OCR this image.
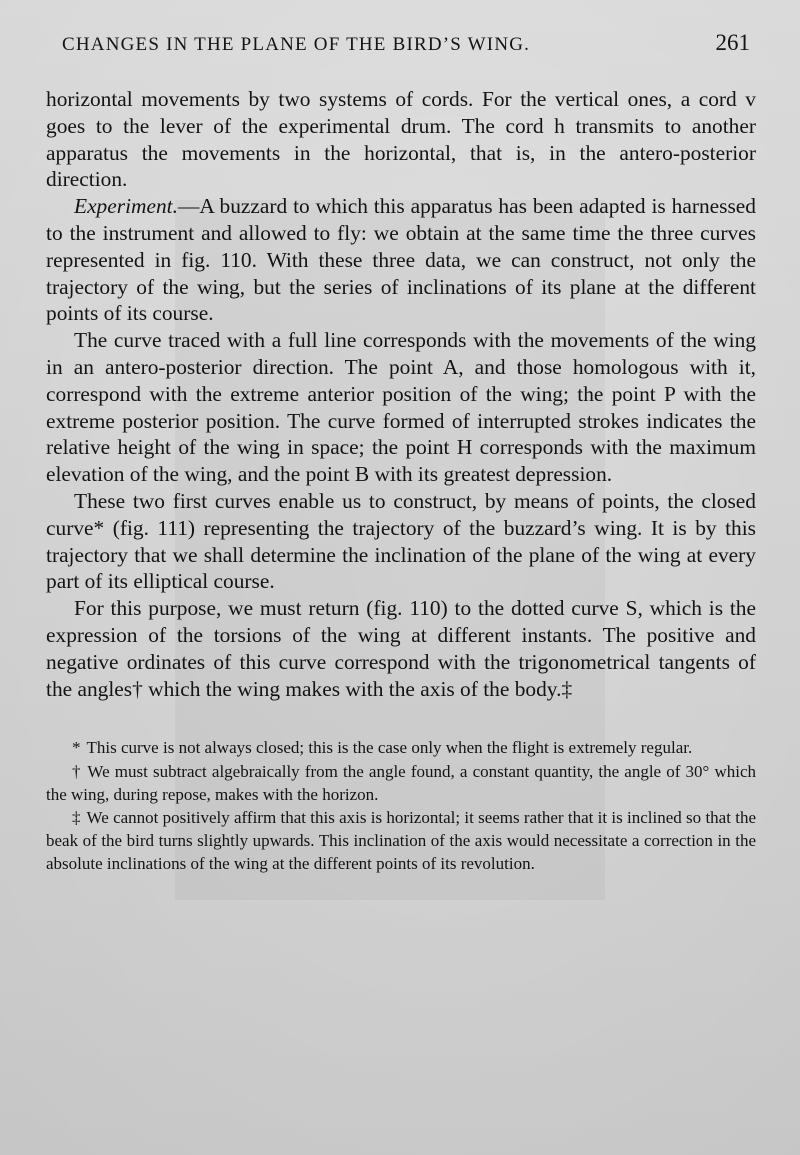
CHANGES IN THE PLANE OF THE BIRD’S WING.	261

horizontal movements by two systems of cords. For the vertical ones, a cord v goes to the lever of the experimental drum. The cord h transmits to another apparatus the movements in the horizontal, that is, in the antero-posterior direction.

Experiment.—A buzzard to which this apparatus has been adapted is harnessed to the instrument and allowed to fly: we obtain at the same time the three curves represented in fig. 110. With these three data, we can construct, not only the trajectory of the wing, but the series of inclinations of its plane at the different points of its course.

The curve traced with a full line corresponds with the movements of the wing in an antero-posterior direction. The point A, and those homologous with it, correspond with the extreme anterior position of the wing; the point P with the extreme posterior position. The curve formed of interrupted strokes indicates the relative height of the wing in space; the point H corresponds with the maximum elevation of the wing, and the point B with its greatest depression.

These two first curves enable us to construct, by means of points, the closed curve* (fig. 111) representing the trajectory of the buzzard’s wing. It is by this trajectory that we shall determine the inclination of the plane of the wing at every part of its elliptical course.

For this purpose, we must return (fig. 110) to the dotted curve S, which is the expression of the torsions of the wing at different instants. The positive and negative ordinates of this curve correspond with the trigonometrical tangents of the angles† which the wing makes with the axis of the body.‡

* This curve is not always closed; this is the case only when the flight is extremely regular.

† We must subtract algebraically from the angle found, a constant quantity, the angle of 30° which the wing, during repose, makes with the horizon.

‡ We cannot positively affirm that this axis is horizontal; it seems rather that it is inclined so that the beak of the bird turns slightly upwards. This inclination of the axis would necessitate a correction in the absolute inclinations of the wing at the different points of its revolution.
